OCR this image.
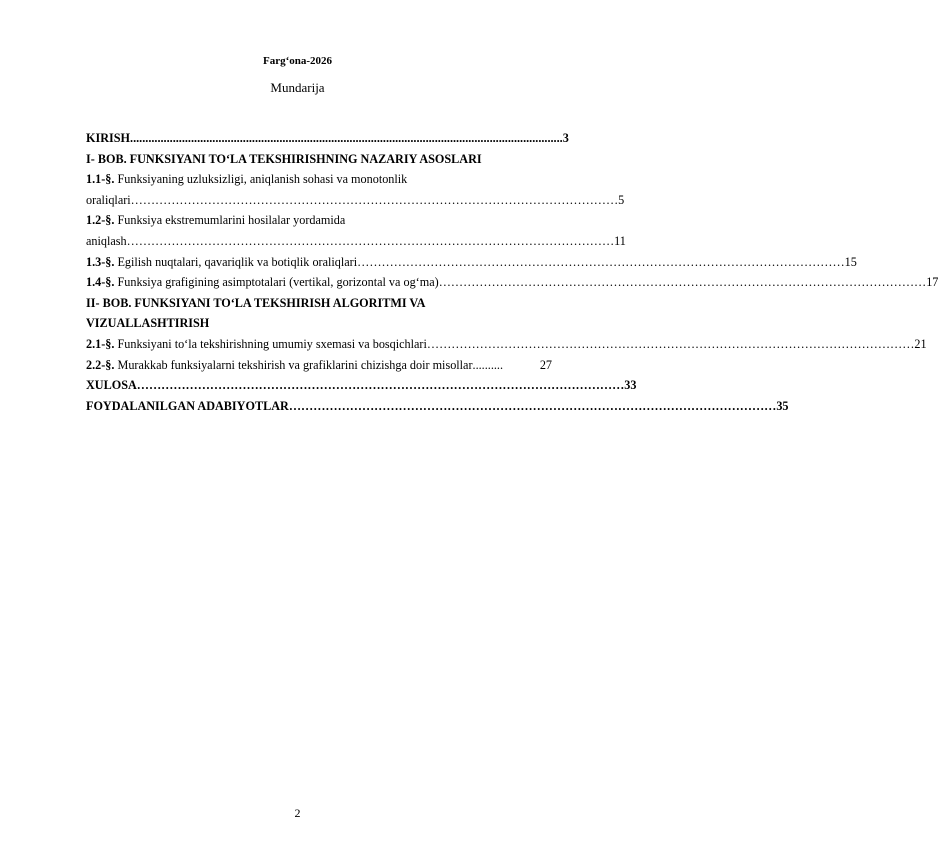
Farg‘ona-2026
Mundarija
KIRISH .............................................................................................................................................. 3
I- BOB. FUNKSIYANI TO‘LA TEKSHIRISHNING NAZARIY ASOSLARI
1.1-§. Funksiyaning uzluksizligi, aniqlanish sohasi va monotonlik
oraliqlari ………………………………………………………………………………………………………… 5
1.2-§. Funksiya ekstremumlarini hosilalar yordamida
aniqlash ………………………………………………………………………………………………………… 11
1.3-§. Egilish nuqtalari, qavariqlik va botiqlik oraliqlari ………………………………………………………………………………………………………… 15
1.4-§. Funksiya grafigining asimptotalari (vertikal, gorizontal va og‘ma) ………………………………………………………………………………………………………… 17
II- BOB. FUNKSIYANI TO‘LA TEKSHIRISH ALGORITMI VA
VIZUALLASHTIRISH
2.1-§. Funksiyani to‘la tekshirishning umumiy sxemasi va bosqichlari ………………………………………………………………………………………………………… 21
2.2-§. Murakkab funksiyalarni tekshirish va grafiklarini chizishga doir misollar ..........	27
XULOSA ………………………………………………………………………………………………………… 33
FOYDALANILGAN ADABIYOTLAR ………………………………………………………………………………………………………… 35
2
